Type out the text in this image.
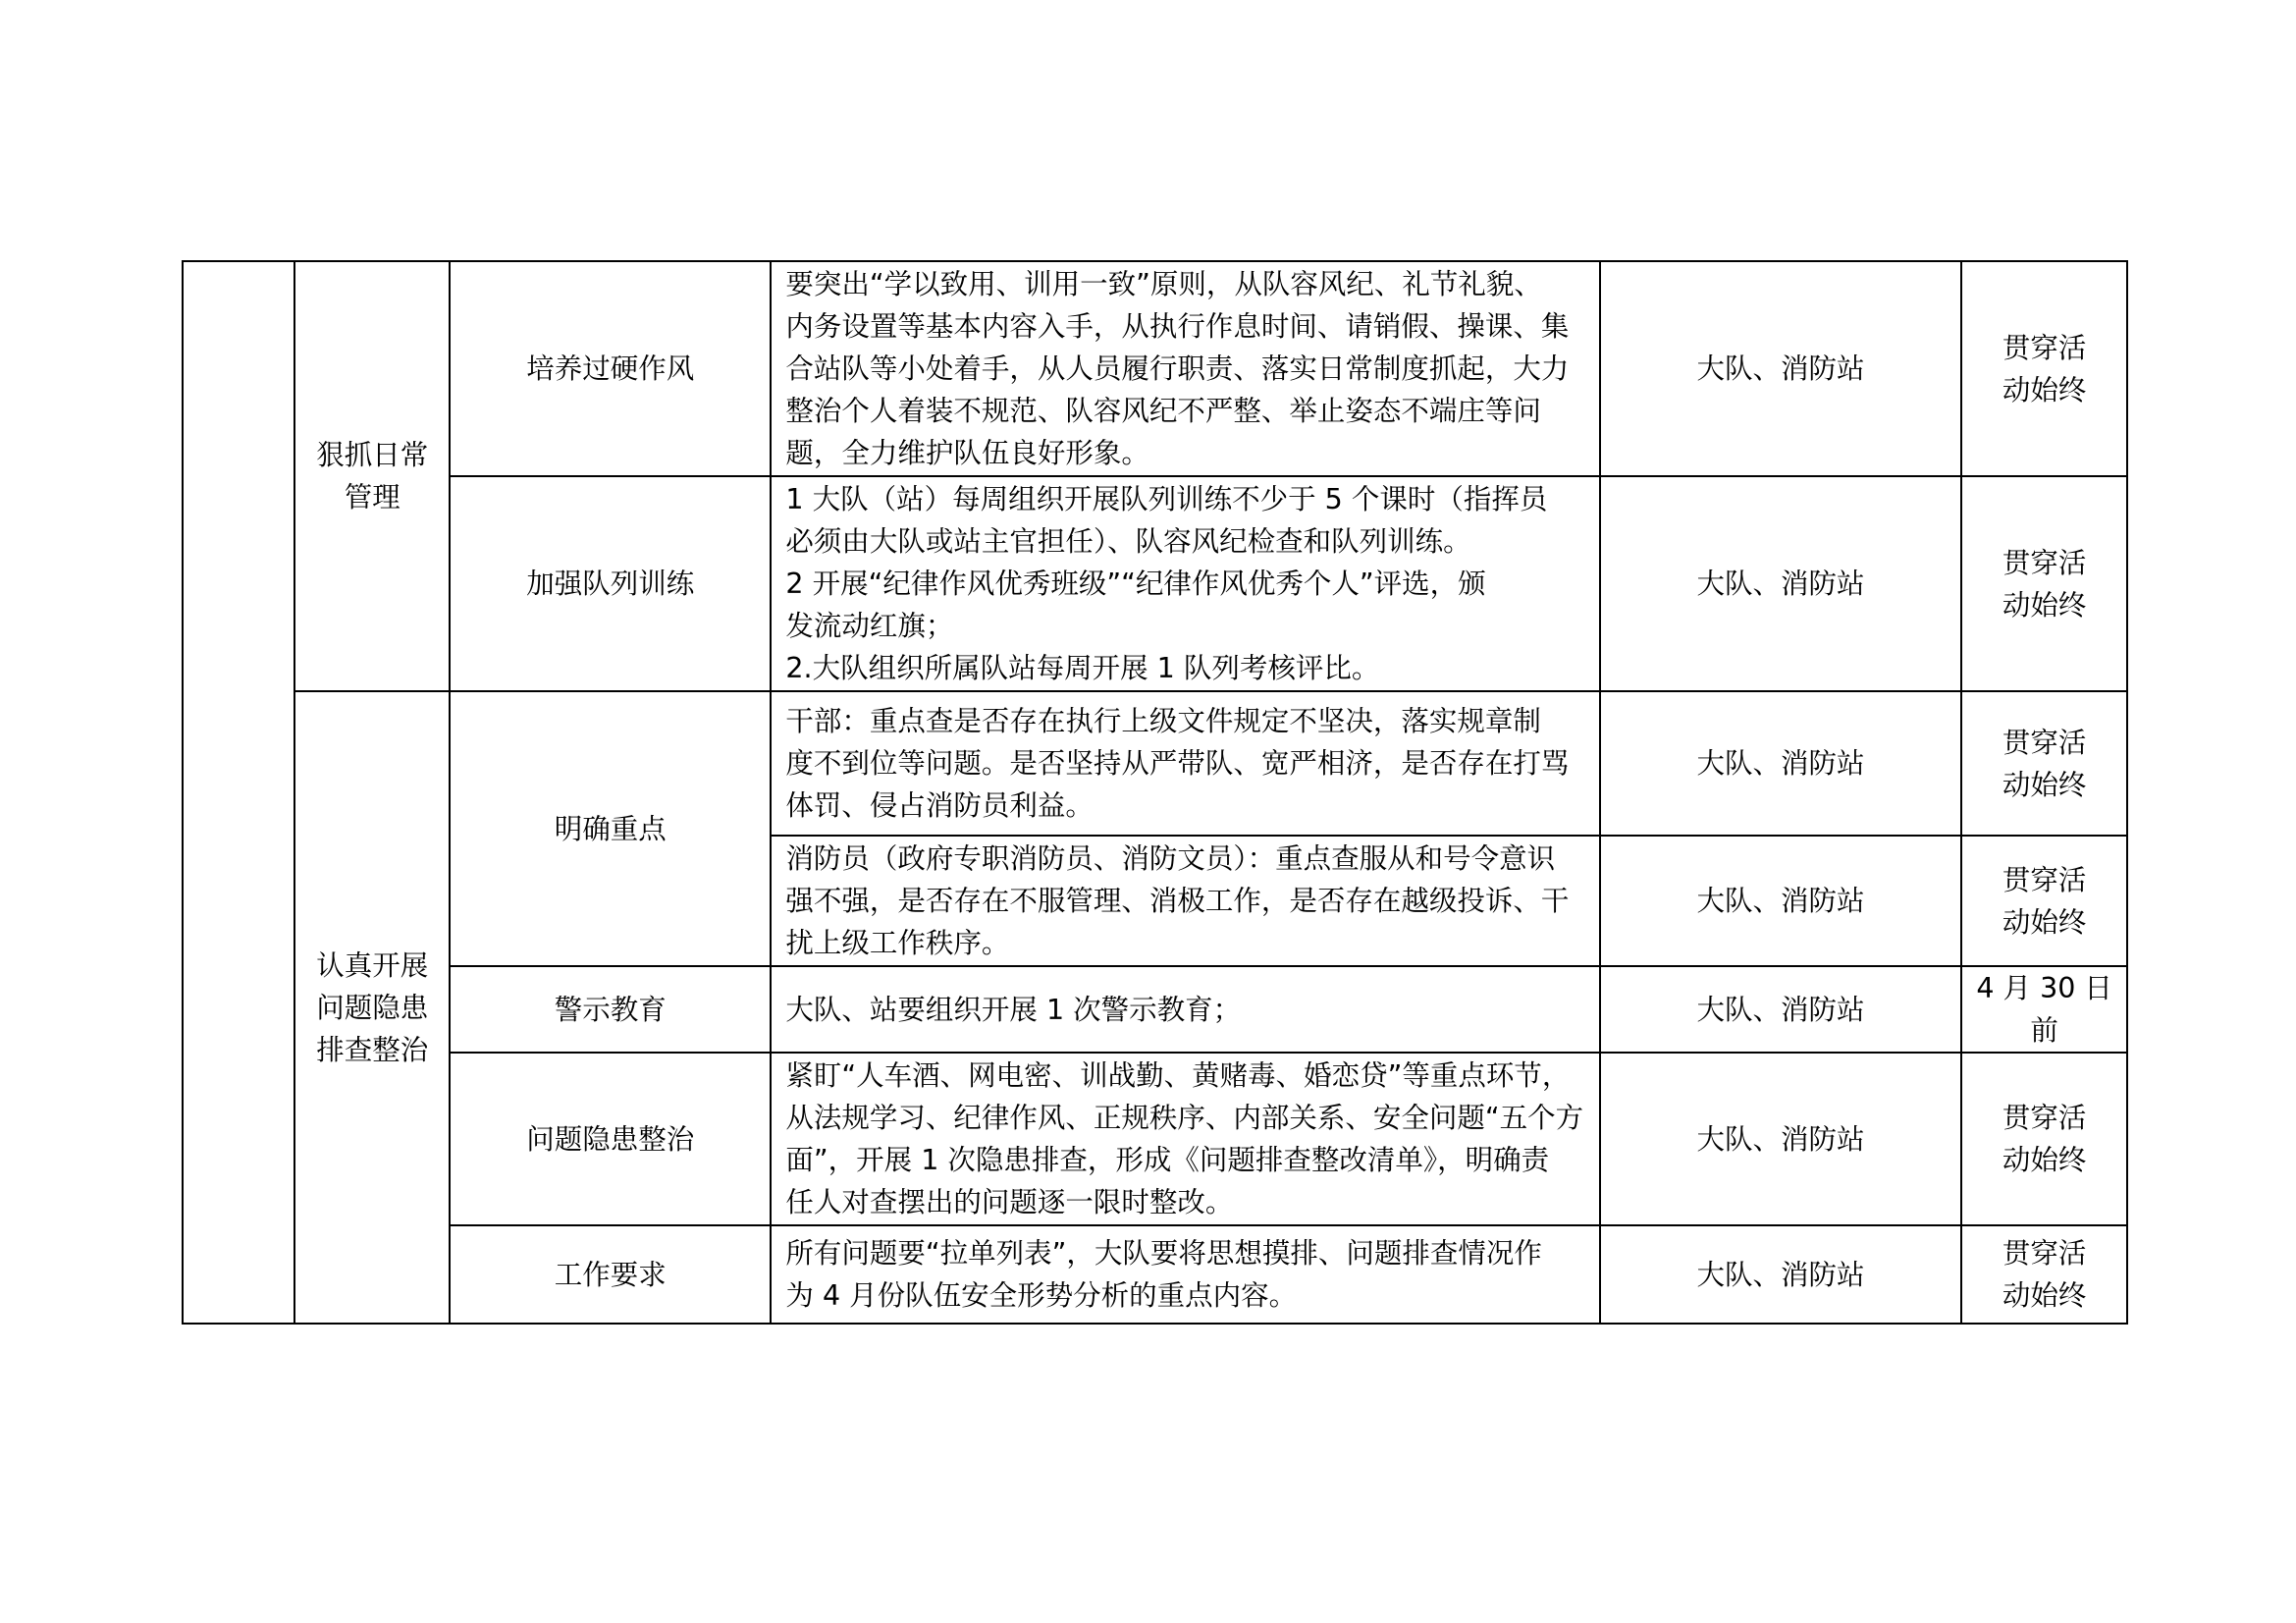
	狠抓日常
管理	培养过硬作风	要突出“学以致用、训用一致”原则，从队容风纪、礼节礼貌、
内务设置等基本内容入手，从执行作息时间、请销假、操课、集
合站队等小处着手，从人员履行职责、落实日常制度抓起，大力
整治个人着装不规范、队容风纪不严整、举止姿态不端庄等问
题，全力维护队伍良好形象。	大队、消防站	贯穿活
动始终

		加强队列训练	1 大队（站）每周组织开展队列训练不少于 5 个课时（指挥员
必须由大队或站主官担任）、队容风纪检查和队列训练。
2 开展“纪律作风优秀班级”“纪律作风优秀个人”评选，颁
发流动红旗；
2.大队组织所属队站每周开展 1 队列考核评比。	大队、消防站	贯穿活
动始终

	认真开展
问题隐患
排查整治	明确重点	干部：重点查是否存在执行上级文件规定不坚决，落实规章制
度不到位等问题。是否坚持从严带队、宽严相济，是否存在打骂
体罚、侵占消防员利益。	大队、消防站	贯穿活
动始终

			消防员（政府专职消防员、消防文员）：重点查服从和号令意识
强不强，是否存在不服管理、消极工作，是否存在越级投诉、干
扰上级工作秩序。	大队、消防站	贯穿活
动始终

		警示教育	大队、站要组织开展 1 次警示教育；	大队、消防站	4 月 30 日
前

		问题隐患整治	紧盯“人车酒、网电密、训战勤、黄赌毒、婚恋贷”等重点环节，
从法规学习、纪律作风、正规秩序、内部关系、安全问题“五个方
面”，开展 1 次隐患排查，形成《问题排查整改清单》，明确责
任人对查摆出的问题逐一限时整改。	大队、消防站	贯穿活
动始终

		工作要求	所有问题要“拉单列表”，大队要将思想摸排、问题排查情况作
为 4 月份队伍安全形势分析的重点内容。	大队、消防站	贯穿活
动始终
